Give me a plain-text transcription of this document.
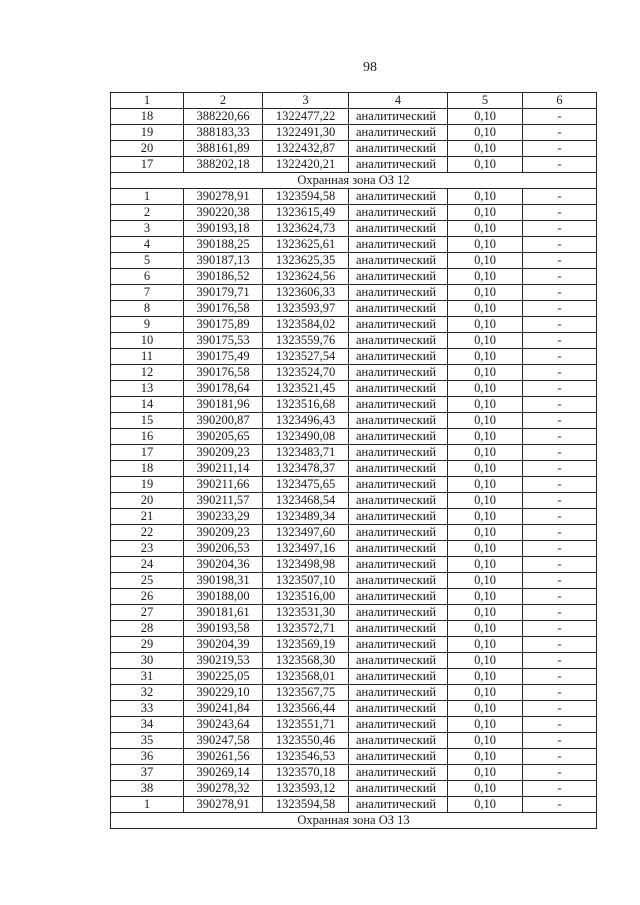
98
1	2	3	4	5	6
18	388220,66	1322477,22	аналитический	0,10	-
19	388183,33	1322491,30	аналитический	0,10	-
20	388161,89	1322432,87	аналитический	0,10	-
17	388202,18	1322420,21	аналитический	0,10	-
Охранная зона ОЗ 12					
1	390278,91	1323594,58	аналитический	0,10	-
2	390220,38	1323615,49	аналитический	0,10	-
3	390193,18	1323624,73	аналитический	0,10	-
4	390188,25	1323625,61	аналитический	0,10	-
5	390187,13	1323625,35	аналитический	0,10	-
6	390186,52	1323624,56	аналитический	0,10	-
7	390179,71	1323606,33	аналитический	0,10	-
8	390176,58	1323593,97	аналитический	0,10	-
9	390175,89	1323584,02	аналитический	0,10	-
10	390175,53	1323559,76	аналитический	0,10	-
11	390175,49	1323527,54	аналитический	0,10	-
12	390176,58	1323524,70	аналитический	0,10	-
13	390178,64	1323521,45	аналитический	0,10	-
14	390181,96	1323516,68	аналитический	0,10	-
15	390200,87	1323496,43	аналитический	0,10	-
16	390205,65	1323490,08	аналитический	0,10	-
17	390209,23	1323483,71	аналитический	0,10	-
18	390211,14	1323478,37	аналитический	0,10	-
19	390211,66	1323475,65	аналитический	0,10	-
20	390211,57	1323468,54	аналитический	0,10	-
21	390233,29	1323489,34	аналитический	0,10	-
22	390209,23	1323497,60	аналитический	0,10	-
23	390206,53	1323497,16	аналитический	0,10	-
24	390204,36	1323498,98	аналитический	0,10	-
25	390198,31	1323507,10	аналитический	0,10	-
26	390188,00	1323516,00	аналитический	0,10	-
27	390181,61	1323531,30	аналитический	0,10	-
28	390193,58	1323572,71	аналитический	0,10	-
29	390204,39	1323569,19	аналитический	0,10	-
30	390219,53	1323568,30	аналитический	0,10	-
31	390225,05	1323568,01	аналитический	0,10	-
32	390229,10	1323567,75	аналитический	0,10	-
33	390241,84	1323566,44	аналитический	0,10	-
34	390243,64	1323551,71	аналитический	0,10	-
35	390247,58	1323550,46	аналитический	0,10	-
36	390261,56	1323546,53	аналитический	0,10	-
37	390269,14	1323570,18	аналитический	0,10	-
38	390278,32	1323593,12	аналитический	0,10	-
1	390278,91	1323594,58	аналитический	0,10	-
Охранная зона ОЗ 13					
